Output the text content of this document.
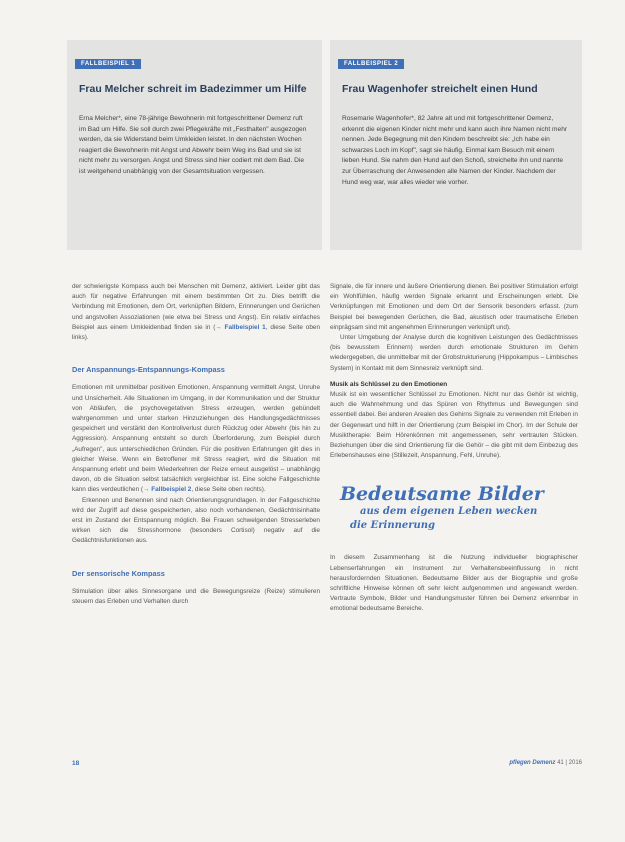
FALLBEISPIEL 1
Frau Melcher schreit im Badezimmer um Hilfe
Erna Melcher*, eine 78-jährige Bewohnerin mit fortgeschrittener Demenz ruft im Bad um Hilfe. Sie soll durch zwei Pflegekräfte mit „Festhalten" ausgezogen werden, da sie Widerstand beim Umkleiden leistet. In den nächsten Wochen reagiert die Bewohnerin mit Angst und Abwehr beim Weg ins Bad und sie ist nicht mehr zu versorgen. Angst und Stress sind hier codiert mit dem Bad. Die ist weitgehend unabhängig von der Gesamtsituation vergessen.
FALLBEISPIEL 2
Frau Wagenhofer streichelt einen Hund
Rosemarie Wagenhofer*, 82 Jahre alt und mit fortgeschrittener Demenz, erkennt die eigenen Kinder nicht mehr und kann auch ihre Namen nicht mehr nennen. Jede Begegnung mit den Kindern beschreibt sie: „Ich habe ein schwarzes Loch im Kopf", sagt sie häufig. Einmal kam Besuch mit einem lieben Hund. Sie nahm den Hund auf den Schoß, streichelte ihn und nannte zur Überraschung der Anwesenden alle Namen der Kinder. Nachdem der Hund weg war, war alles wieder wie vorher.

der schwierigste Kompass auch bei Menschen mit Demenz, aktiviert. Leider gibt das auch für negative Erfahrungen mit einem bestimmten Ort zu. Dies betrifft die Verbindung mit Emotionen, dem Ort, verknüpften Bildern, Erinnerungen und Gerüchen und angstvollen Assoziationen (wie etwa bei Stress und Angst). Ein relativ einfaches Beispiel aus einem Umkleidenbad finden sie in (→ Fallbeispiel 1, diese Seite oben links).

Der Anspannungs-Entspannungs-Kompass

Emotionen mit unmittelbar positiven Emotionen, Anspannung vermittelt Angst, Unruhe und Unsicherheit. Alle Situationen im Umgang, in der Kommunikation und der Struktur von Abläufen, die psychovegetativen Stress erzeugen, werden gebündelt wahrgenommen und unter starken Hinzuziehungen des Handlungsgedächtnisses gespeichert und verstärkt den Kontrollverlust durch Rückzug oder Abwehr (bis hin zu Aggression). Anspannung entsteht so durch Überforderung, zum Beispiel durch „Aufregen", aus unterschiedlichen Gründen. Für die positiven Erfahrungen gilt dies in gleicher Weise. Wenn ein Betroffener mit Stress reagiert, wird die Situation mit Anspannung erlebt und beim Wiederkehren der Reize erneut ausgelöst – unabhängig davon, ob die Situation selbst tatsächlich vergleichbar ist. Eine solche Fallgeschichte kann dies verdeutlichen (→ Fallbeispiel 2, diese Seite oben rechts).

Erkennen und Benennen sind nach Orientierungsgrundlagen. In der Fallgeschichte wird der Zugriff auf diese gespeicherten, also noch vorhandenen, Gedächtnisinhalte erst im Zustand der Entspannung möglich. Bei Frauen schwelgenden Stresserleben wirken sich die Stresshormone (besonders Cortisol) negativ auf die Gedächtnisfunktionen aus.

Der sensorische Kompass

Stimulation über alles Sinnesorgane und die Bewegungsreize (Reize) stimulieren steuern das Erleben und Verhalten durch

Signale, die für innere und äußere Orientierung dienen. Bei positiver Stimulation erfolgt ein Wohlfühlen, häufig werden Signale erkannt und Erscheinungen erlebt. Die Verknüpfungen mit Emotionen und dem Ort der Sensorik besonders erfasst. (zum Beispiel bei bewegenden Gerüchen, die Bad, akustisch oder traumatische Erleben einprägsam sind mit angenehmen Erinnerungen verknüpft und).

Unter Umgebung der Analyse durch die kognitiven Leistungen des Gedächtnisses (bis bewusstem Erinnern) werden durch emotionale Strukturen im Gehirn wiedergegeben, die unmittelbar mit der Grobstrukturierung (Hippokampus – Limbisches System) in Kontakt mit dem Sinnesreiz verknüpft sind.

Musik als Schlüssel zu den Emotionen

Musik ist ein wesentlicher Schlüssel zu Emotionen. Nicht nur das Gehör ist wichtig, auch die Wahrnehmung und das Spüren von Rhythmus und Bewegungen sind essentiell dabei. Bei anderen Arealen des Gehirns Signale zu verwenden mit Erleben in der Gegenwart und hilft in der Orientierung (zum Beispiel im Chor). Im der Schule der Musiktherapie: Beim Hörenkönnen mit angemessenen, sehr vertrauten Stücken. Beziehungen über die sind Orientierung für die Gehör – die gibt mit dem Einbezug des Erlebenshauses eine (Stillezeit, Anspannung, Fehl, Unruhe).

Bedeutsame Bilder
aus dem eigenen Leben wecken
die Erinnerung

In diesem Zusammenhang ist die Nutzung individueller biographischer Lebenserfahrungen ein Instrument zur Verhaltensbeeinflussung in nicht herausfordernden Situationen. Bedeutsame Bilder aus der Biographie und große schriftliche Hinweise können oft sehr leicht aufgenommen und angewandt werden. Vertraute Symbole, Bilder und Handlungsmuster führen bei Demenz erkennbar in emotional bedeutsame Bereiche.

18	pflegen Demenz 41 | 2016
